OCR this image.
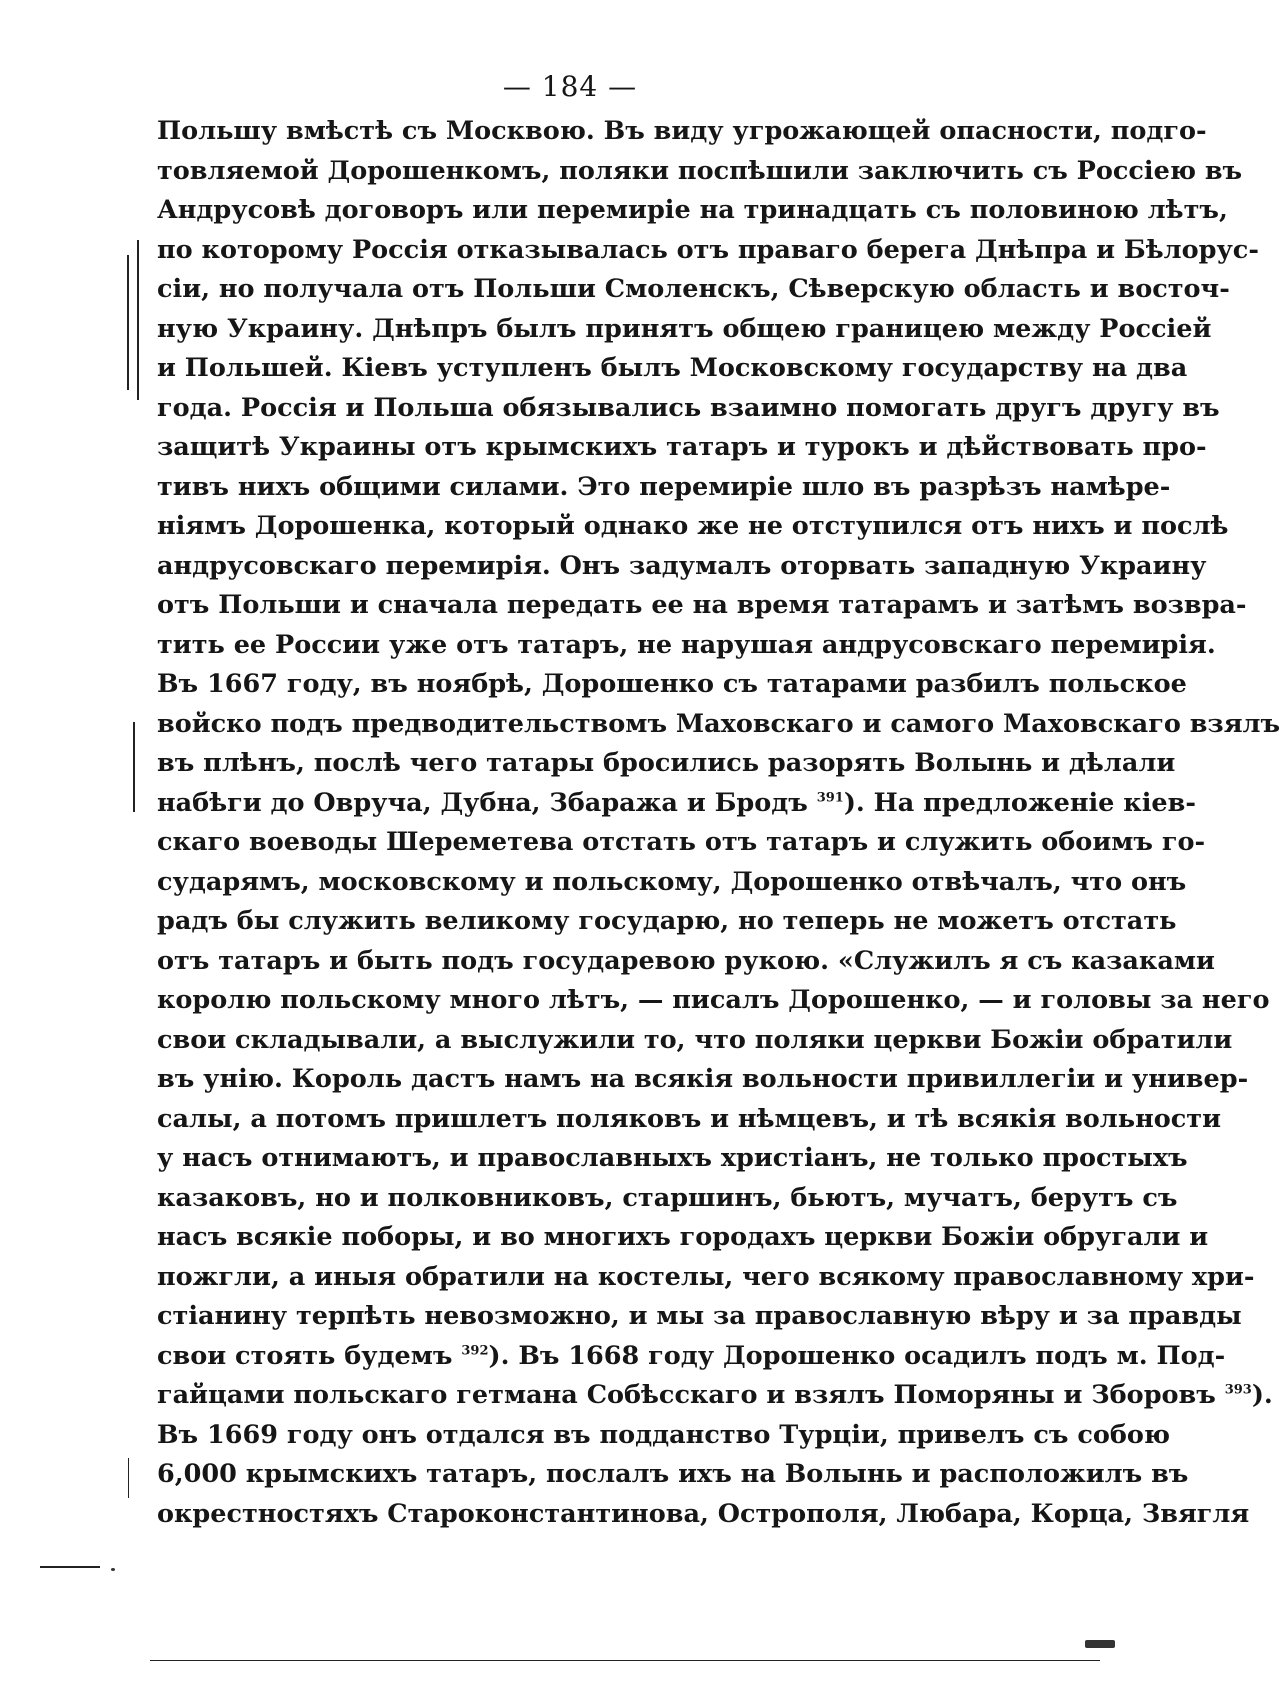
— 184 —
Польшу вмѣстѣ съ Москвою. Въ виду угрожающей опасности, подго-
товляемой Дорошенкомъ, поляки поспѣшили заключить съ Россіею въ
Андрусовѣ договоръ или перемиріе на тринадцать съ половиною лѣтъ,
по которому Россія отказывалась отъ праваго берега Днѣпра и Бѣлорус-
сіи, но получала отъ Польши Смоленскъ, Сѣверскую область и восточ-
ную Украину. Днѣпръ былъ принятъ общею границею между Россіей
и Польшей. Кіевъ уступленъ былъ Московскому государству на два
года. Россія и Польша обязывались взаимно помогать другъ другу въ
защитѣ Украины отъ крымскихъ татаръ и турокъ и дѣйствовать про-
тивъ нихъ общими силами. Это перемиріе шло въ разрѣзъ намѣре-
ніямъ Дорошенка, который однако же не отступился отъ нихъ и послѣ
андрусовскаго перемирія. Онъ задумалъ оторвать западную Украину
отъ Польши и сначала передать ее на время татарамъ и затѣмъ возвра-
тить ее России уже отъ татаръ, не нарушая андрусовскаго перемирія.
Въ 1667 году, въ ноябрѣ, Дорошенко съ татарами разбилъ польское
войско подъ предводительствомъ Маховскаго и самого Маховскаго взялъ
въ плѣнъ, послѣ чего татары бросились разорять Волынь и дѣлали
набѣги до Овруча, Дубна, Збаража и Бродъ $^{391}$). На предложеніе кіев-
скаго воеводы Шереметева отстать отъ татаръ и служить обоимъ го-
сударямъ, московскому и польскому, Дорошенко отвѣчалъ, что онъ
радъ бы служить великому государю, но теперь не можетъ отстать
отъ татаръ и быть подъ государевою рукою. «Служилъ я съ казаками
королю польскому много лѣтъ, — писалъ Дорошенко, — и головы за него
свои складывали, а выслужили то, что поляки церкви Божіи обратили
въ унію. Король дастъ намъ на всякія вольности привиллегіи и универ-
салы, а потомъ пришлетъ поляковъ и нѣмцевъ, и тѣ всякія вольности
у насъ отнимаютъ, и православныхъ христіанъ, не только простыхъ
казаковъ, но и полковниковъ, старшинъ, бьютъ, мучатъ, берутъ съ
насъ всякіе поборы, и во многихъ городахъ церкви Божіи обругали и
пожгли, а иныя обратили на костелы, чего всякому православному хри-
стіанину терпѣть невозможно, и мы за православную вѣру и за правды
свои стоять будемъ $^{392}$). Въ 1668 году Дорошенко осадилъ подъ м. Под-
гайцами польскаго гетмана Собѣсскаго и взялъ Поморяны и Зборовъ $^{393}$).
Въ 1669 году онъ отдался въ подданство Турціи, привелъ съ собою
6,000 крымскихъ татаръ, послалъ ихъ на Волынь и расположилъ въ
окрестностяхъ Староконстантинова, Острополя, Любара, Корца, Звягля
